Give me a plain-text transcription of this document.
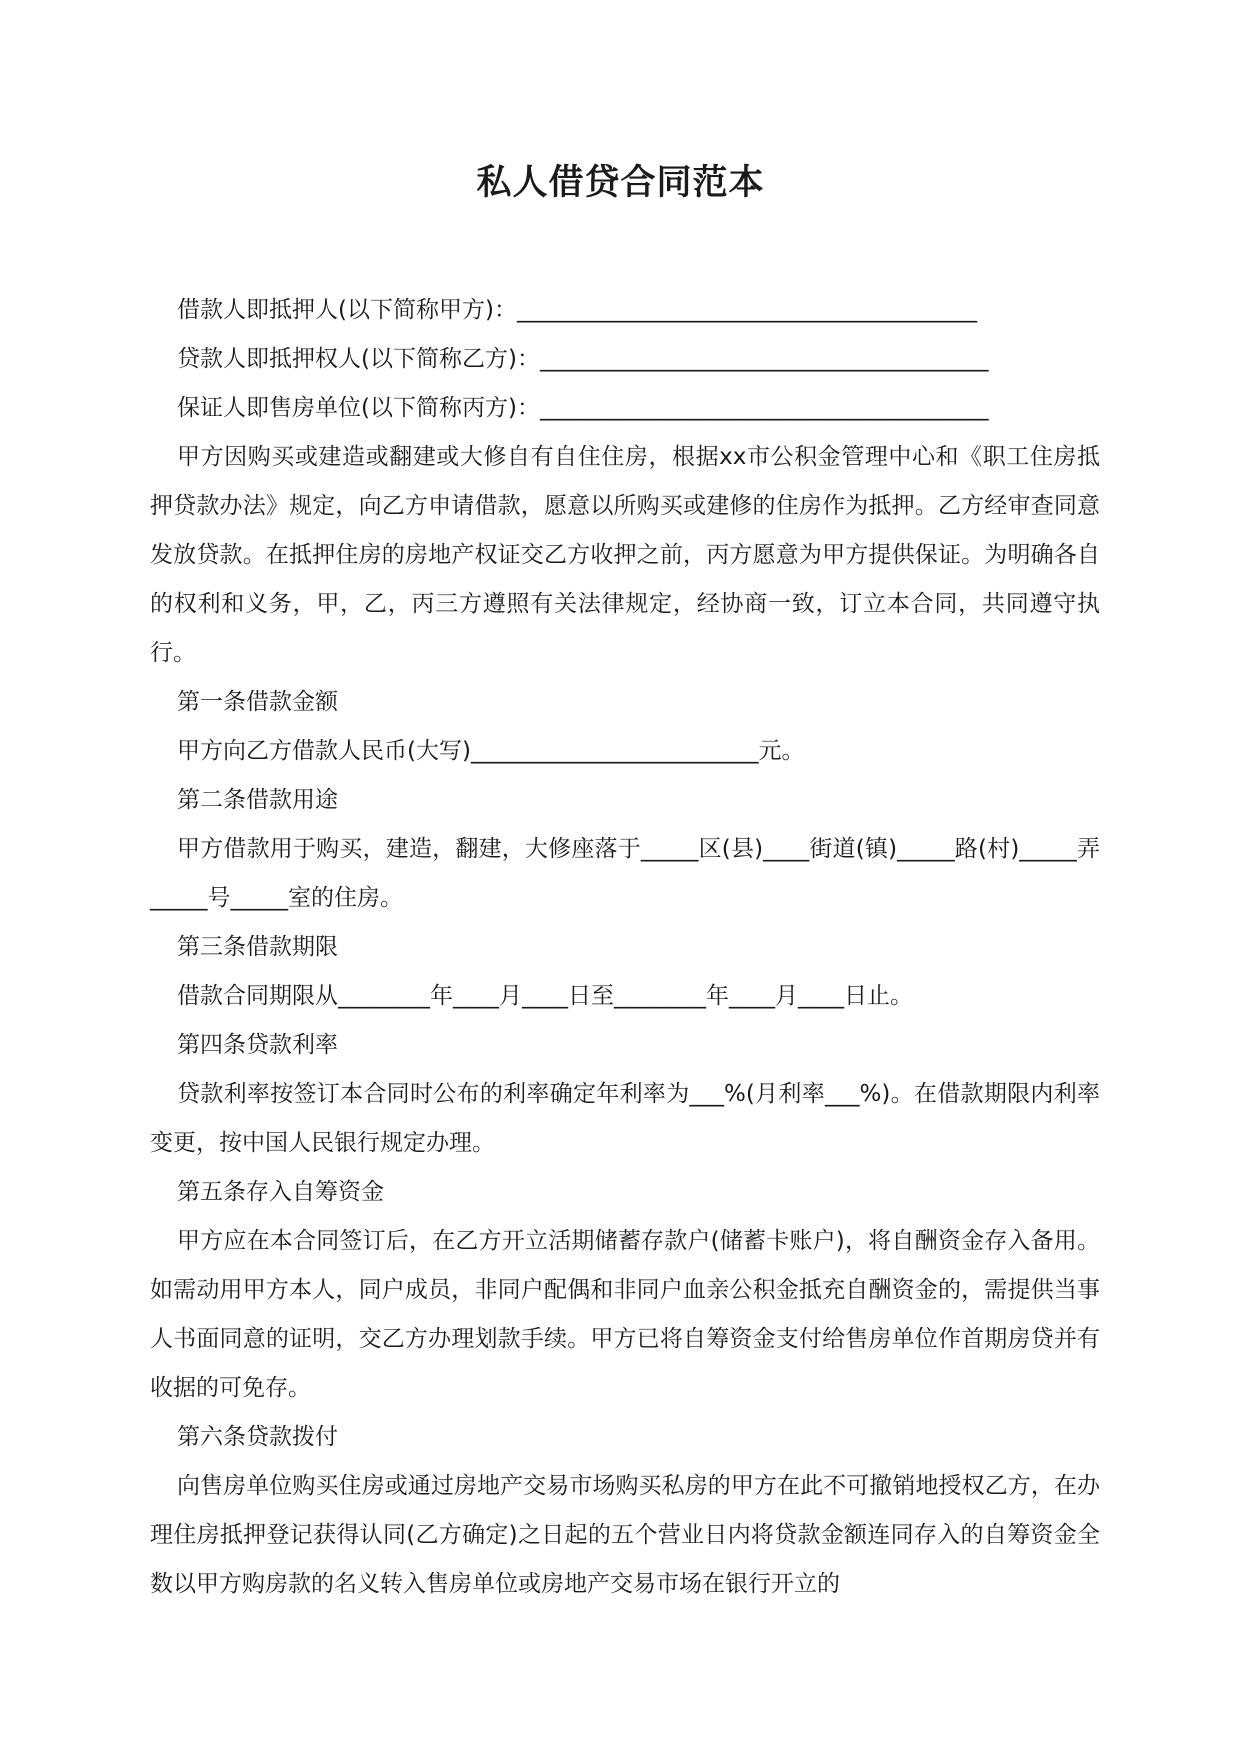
私人借贷合同范本

借款人即抵押人(以下简称甲方)：________________________________________

贷款人即抵押权人(以下简称乙方)：_______________________________________

保证人即售房单位(以下简称丙方)：_______________________________________

甲方因购买或建造或翻建或大修自有自住住房，根据xx市公积金管理中心和《职工住房抵押贷款办法》规定，向乙方申请借款，愿意以所购买或建修的住房作为抵押。乙方经审查同意发放贷款。在抵押住房的房地产权证交乙方收押之前，丙方愿意为甲方提供保证。为明确各自的权利和义务，甲，乙，丙三方遵照有关法律规定，经协商一致，订立本合同，共同遵守执行。

第一条借款金额

甲方向乙方借款人民币(大写)_________________________元。

第二条借款用途

甲方借款用于购买，建造，翻建，大修座落于_____区(县)____街道(镇)_____路(村)_____弄_____号_____室的住房。

第三条借款期限

借款合同期限从________年____月____日至________年____月____日止。

第四条贷款利率

贷款利率按签订本合同时公布的利率确定年利率为___%(月利率___%)。在借款期限内利率变更，按中国人民银行规定办理。

第五条存入自筹资金

甲方应在本合同签订后，在乙方开立活期储蓄存款户(储蓄卡账户)，将自酬资金存入备用。如需动用甲方本人，同户成员，非同户配偶和非同户血亲公积金抵充自酬资金的，需提供当事人书面同意的证明，交乙方办理划款手续。甲方已将自筹资金支付给售房单位作首期房贷并有收据的可免存。

第六条贷款拨付

向售房单位购买住房或通过房地产交易市场购买私房的甲方在此不可撤销地授权乙方，在办理住房抵押登记获得认同(乙方确定)之日起的五个营业日内将贷款金额连同存入的自筹资金全数以甲方购房款的名义转入售房单位或房地产交易市场在银行开立的
